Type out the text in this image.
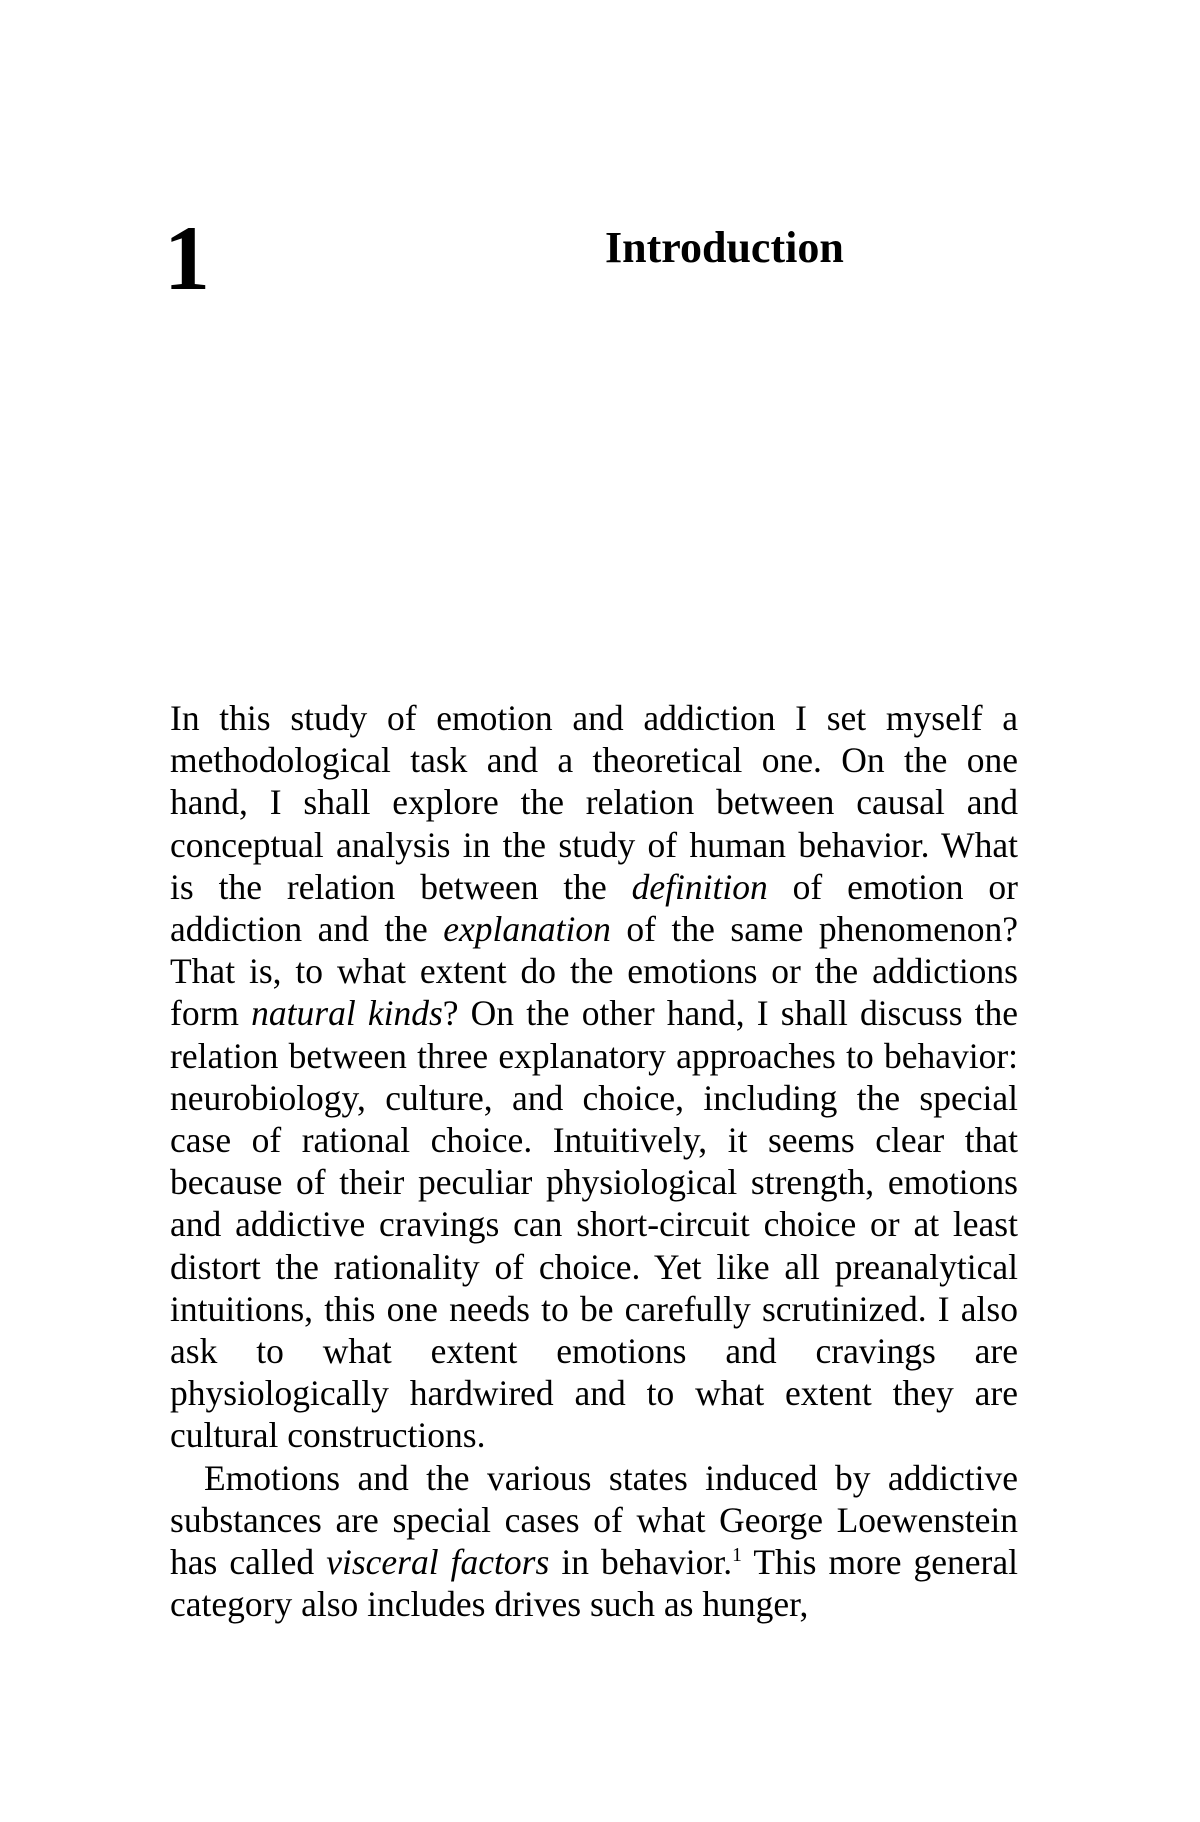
1	Introduction

In this study of emotion and addiction I set myself a methodological task and a theoretical one. On the one hand, I shall explore the relation between causal and conceptual analysis in the study of human behavior. What is the relation between the definition of emotion or addiction and the explanation of the same phenomenon? That is, to what extent do the emotions or the addictions form natural kinds? On the other hand, I shall discuss the relation between three explanatory approaches to behavior: neurobiology, culture, and choice, including the special case of rational choice. Intuitively, it seems clear that because of their peculiar physiological strength, emotions and addictive cravings can short-circuit choice or at least distort the rationality of choice. Yet like all preanalytical intuitions, this one needs to be carefully scrutinized. I also ask to what extent emotions and cravings are physiologically hardwired and to what extent they are cultural constructions.

Emotions and the various states induced by addictive substances are special cases of what George Loewenstein has called visceral factors in behavior.1 This more general category also includes drives such as hunger,
